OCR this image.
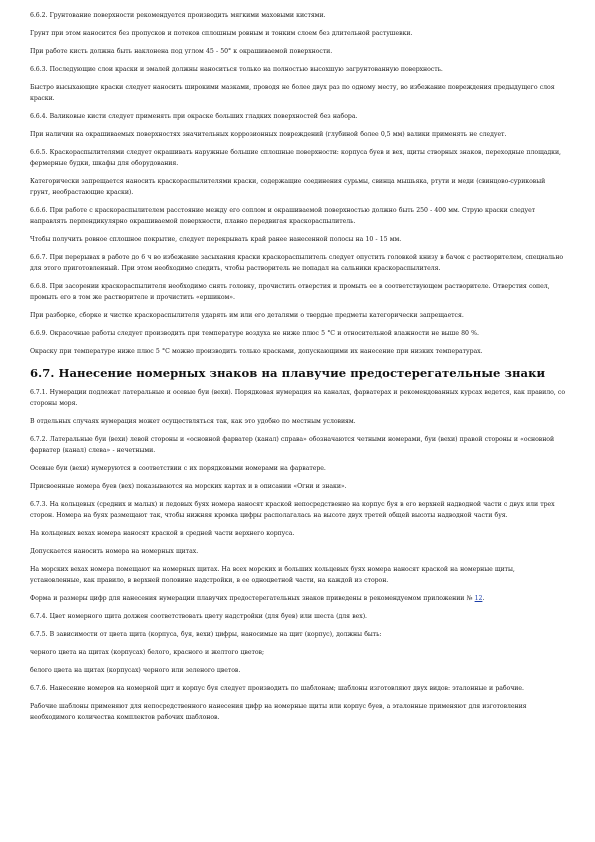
6.6.2. Грунтование поверхности рекомендуется производить мягкими маховыми кистями.

Грунт при этом наносится без пропусков и потеков сплошным ровным и тонким слоем без длительной растушевки.

При работе кисть должна быть наклонена под углом 45 - 50° к окрашиваемой поверхности.

6.6.3. Последующие слои краски и эмалей должны наноситься только на полностью высохшую загрунтованную поверхность.

Быстро высыхающие краски следует наносить широкими мазками, проводя не более двух раз по одному месту, во избежание повреждения предыдущего слоя краски.

6.6.4. Валиковые кисти следует применять при окраске больших гладких поверхностей без набора.

При наличии на окрашиваемых поверхностях значительных коррозионных повреждений (глубиной более 0,5 мм) валики применять не следует.

6.6.5. Краскораспылителями следует окрашивать наружные большие сплошные поверхности: корпуса буев и вех, щиты створных знаков, переходные площадки, фермерные будки, шкафы для оборудования.

Категорически запрещается наносить краскораспылителями краски, содержащие соединения сурьмы, свинца мышьяка, ртути и меди (свинцово-суриковый грунт, необрастающие краски).

6.6.6. При работе с краскораспылителем расстояние между его соплом и окрашиваемой поверхностью должно быть 250 - 400 мм. Струю краски следует направлять перпендикулярно окрашиваемой поверхности, плавно передвигая краскораспылитель.

Чтобы получить ровное сплошное покрытие, следует перекрывать край ранее нанесенной полосы на 10 - 15 мм.

6.6.7. При перерывах в работе до 6 ч во избежание засыхания краски краскораспылитель следует опустить головкой книзу в бачок с растворителем, специально для этого приготовленный. При этом необходимо следить, чтобы растворитель не попадал на сальники краскораспылителя.

6.6.8. При засорении краскораспылителя необходимо снять головку, прочистить отверстия и промыть ее в соответствующем растворителе. Отверстия сопел, промыть его в том же растворителе и прочистить «ершиком».

При разборке, сборке и чистке краскораспылителя ударять им или его деталями о твердые предметы категорически запрещается.

6.6.9. Окрасочные работы следует производить при температуре воздуха не ниже плюс 5 °С и относительной влажности не выше 80 %.

Окраску при температуре ниже плюс 5 °С можно производить только красками, допускающими их нанесение при низких температурах.

6.7. Нанесение номерных знаков на плавучие предостерегательные знаки

6.7.1. Нумерации подлежат латеральные и осевые буи (вехи). Порядковая нумерация на каналах, фарватерах и рекомендованных курсах ведется, как правило, со стороны моря.

В отдельных случаях нумерация может осуществляться так, как это удобно по местным условиям.

6.7.2. Латеральные буи (вехи) левой стороны и «основной фарватер (канал) справа» обозначаются четными номерами, буи (вехи) правой стороны и «основной фарватер (канал) слева» - нечетными.

Осевые буи (вехи) нумеруются в соответствии с их порядковыми номерами на фарватере.

Присвоенные номера буев (вех) показываются на морских картах и в описании «Огни и знаки».

6.7.3. На кольцевых (средних и малых) и ледовых буях номера наносят краской непосредственно на корпус буя в его верхней надводной части с двух или трех сторон. Номера на буях размещают так, чтобы нижняя кромка цифры располагалась на высоте двух третей общей высоты надводной части буя.

На кольцевых вехах номера наносят краской в средней части верхнего корпуса.

Допускается наносить номера на номерных щитах.

На морских вехах номера помещают на номерных щитах. На всех морских и больших кольцевых буях номера наносят краской на номерные щиты, установленные, как правило, в верхней половине надстройки, в ее одноцветной части, на каждой из сторон.

Форма и размеры цифр для нанесения нумерации плавучих предостерегательных знаков приведены в рекомендуемом приложении № 12.

6.7.4. Цвет номерного щита должен соответствовать цвету надстройки (для буев) или шеста (для вех).

6.7.5. В зависимости от цвета щита (корпуса, буя, вехи) цифры, наносимые на щит (корпус), должны быть:

черного цвета на щитах (корпусах) белого, красного и желтого цветов;

белого цвета на щитах (корпусах) черного или зеленого цветов.

6.7.6. Нанесение номеров на номерной щит и корпус буя следует производить по шаблонам; шаблоны изготовляют двух видов: эталонные и рабочие.

Рабочие шаблоны применяют для непосредственного нанесения цифр на номерные щиты или корпус буев, а эталонные применяют для изготовления необходимого количества комплектов рабочих шаблонов.
